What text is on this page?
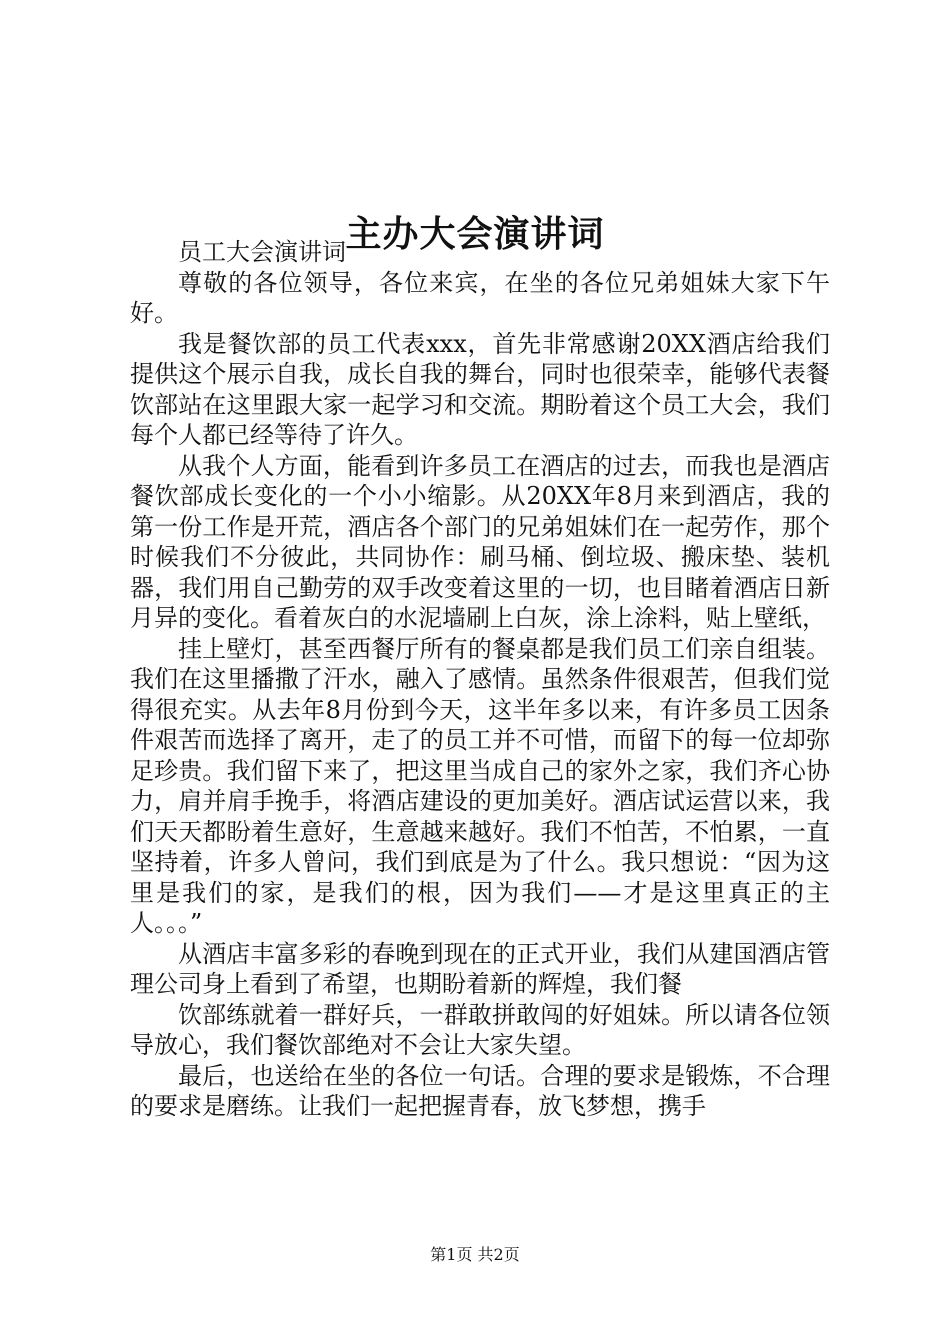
主办大会演讲词

员工大会演讲词

尊敬的各位领导，各位来宾，在坐的各位兄弟姐妹大家下午好。

我是餐饮部的员工代表xxx，首先非常感谢20XX酒店给我们提供这个展示自我，成长自我的舞台，同时也很荣幸，能够代表餐饮部站在这里跟大家一起学习和交流。期盼着这个员工大会，我们每个人都已经等待了许久。

从我个人方面，能看到许多员工在酒店的过去，而我也是酒店餐饮部成长变化的一个小小缩影。从20XX年8月来到酒店，我的第一份工作是开荒，酒店各个部门的兄弟姐妹们在一起劳作，那个时候我们不分彼此，共同协作：刷马桶、倒垃圾、搬床垫、装机器，我们用自己勤劳的双手改变着这里的一切，也目睹着酒店日新月异的变化。看着灰白的水泥墙刷上白灰，涂上涂料，贴上壁纸，

挂上壁灯，甚至西餐厅所有的餐桌都是我们员工们亲自组装。我们在这里播撒了汗水，融入了感情。虽然条件很艰苦，但我们觉得很充实。从去年8月份到今天，这半年多以来，有许多员工因条件艰苦而选择了离开，走了的员工并不可惜，而留下的每一位却弥足珍贵。我们留下来了，把这里当成自己的家外之家，我们齐心协力，肩并肩手挽手，将酒店建设的更加美好。酒店试运营以来，我们天天都盼着生意好，生意越来越好。我们不怕苦，不怕累，一直坚持着，许多人曾问，我们到底是为了什么。我只想说：“因为这里是我们的家，是我们的根，因为我们——才是这里真正的主人。。。”

从酒店丰富多彩的春晚到现在的正式开业，我们从建国酒店管理公司身上看到了希望，也期盼着新的辉煌，我们餐

饮部练就着一群好兵，一群敢拼敢闯的好姐妹。所以请各位领导放心，我们餐饮部绝对不会让大家失望。

最后，也送给在坐的各位一句话。合理的要求是锻炼，不合理的要求是磨练。让我们一起把握青春，放飞梦想，携手

第1页 共2页
